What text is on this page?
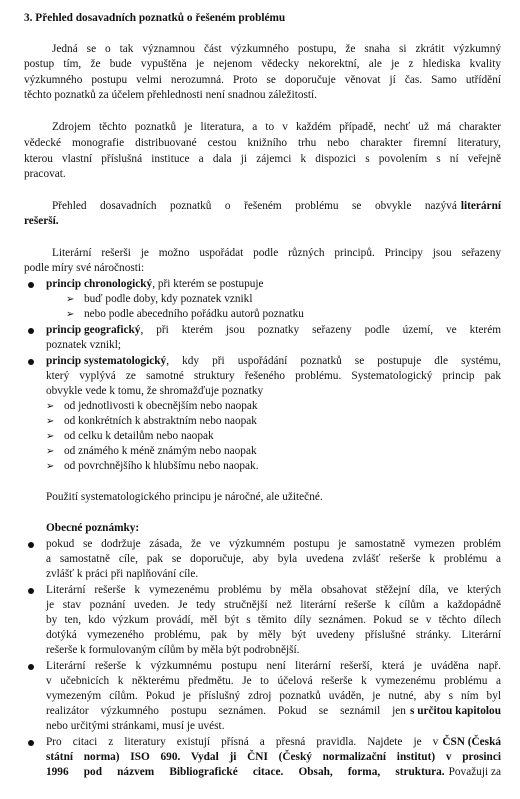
3. Přehled dosavadních poznatků o řešeném problému
Jedná se o tak významnou část výzkumného postupu, že snaha si zkrátit výzkumný
postup tím, že bude vypuštěna je nejenom vědecky nekorektní, ale je z hlediska kvality
výzkumného postupu velmi nerozumná. Proto se doporučuje věnovat jí čas. Samo utřídění
těchto poznatků za účelem přehlednosti není snadnou záležitostí.
Zdrojem těchto poznatků je literatura, a to v každém případě, nechť už má charakter
vědecké monografie distribuované cestou knižního trhu nebo charakter firemní literatury,
kterou vlastní příslušná instituce a dala ji zájemci k dispozici s povolením s ní veřejně
pracovat.
Přehled dosavadních poznatků o řešeném problému se obvykle nazývá literární
rešerší.
Literární rešerši je možno uspořádat podle různých principů. Principy jsou seřazeny
podle míry své náročnosti:
princip chronologický, při kterém se postupuje
➢ buď podle doby, kdy poznatek vznikl
➢ nebo podle abecedního pořádku autorů poznatku
princip geografický , při kterém jsou poznatky seřazeny podle území, ve kterém
poznatek vznikl;
princip systematologický , kdy při uspořádání poznatků se postupuje dle systému,
který vyplývá ze samotné struktury řešeného problému. Systematologický princip pak
obvykle vede k tomu, že shromažďuje poznatky
➢ od jednotlivosti k obecnějším nebo naopak
➢ od konkrétních k abstraktním nebo naopak
➢ od celku k detailům nebo naopak
➢ od známého k méně známým nebo naopak
➢ od povrchnějšího k hlubšímu nebo naopak.
Použití systematologického principu je náročné, ale užitečné.
Obecné poznámky:
pokud se dodržuje zásada, že ve výzkumném postupu je samostatně vymezen problém
a samostatně cíle, pak se doporučuje, aby byla uvedena zvlášť rešerše k problému a
zvlášť k práci při naplňování cíle.
Literární rešerše k vymezenému problému by měla obsahovat stěžejní díla, ve kterých
je stav poznání uveden. Je tedy stručnější než literární rešerše k cílům a každopádně
by ten, kdo výzkum provádí, měl být s těmito díly seznámen. Pokud se v těchto dílech
dotýká vymezeného problému, pak by měly být uvedeny příslušné stránky. Literární
rešerše k formulovaným cílům by měla být podrobnější.
Literární rešerše k výzkumnému postupu není literární rešerší, která je uváděna např.
v učebnicích k některému předmětu. Je to účelová rešerše k vymezenému problému a
vymezeným cílům. Pokud je příslušný zdroj poznatků uváděn, je nutné, aby s ním byl
realizátor výzkumného postupu seznámen. Pokud se seznámil jen s určitou kapitolou
nebo určitými stránkami, musí je uvést.
Pro citaci z literatury existují přísná a přesná pravidla. Najdete je v ČSN (Česká
státní norma) ISO 690. Vydal ji ČNI (Český normalizační institut) v prosinci
1996 pod názvem Bibliografické citace. Obsah, forma, struktura. Považuji za
